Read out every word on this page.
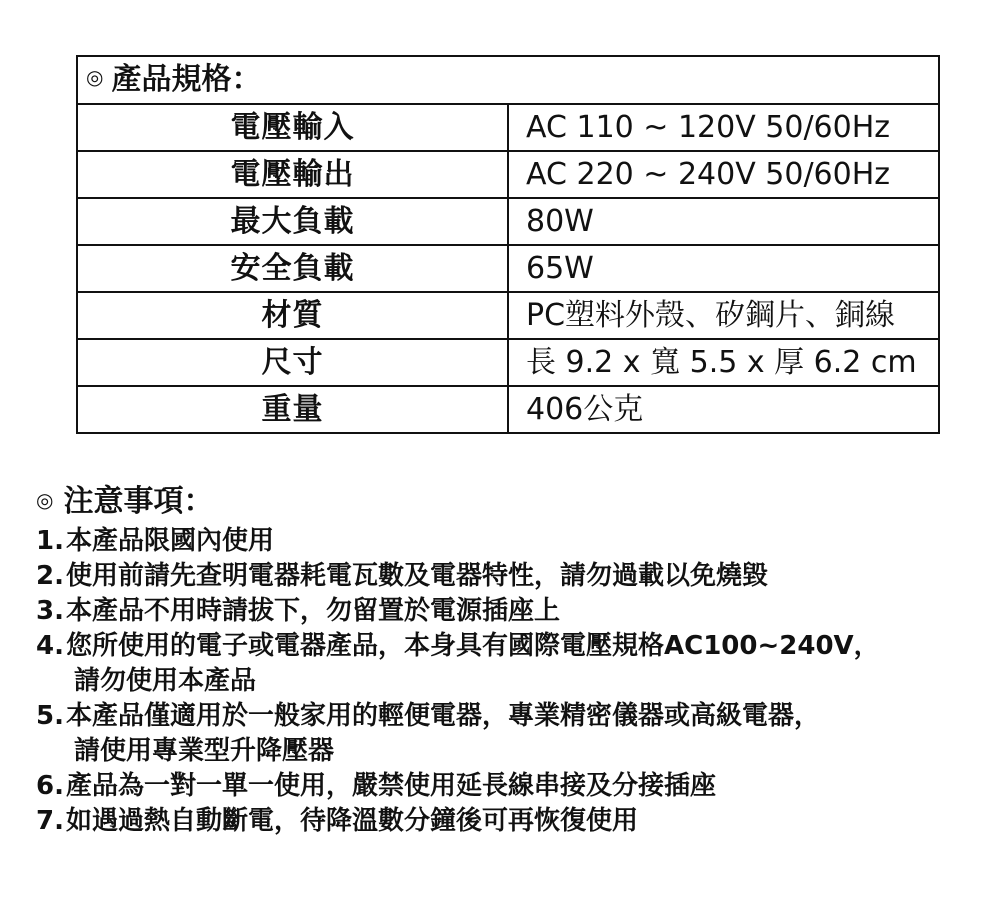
◎ 產品規格：	
電壓輸入	AC 110 ~ 120V 50/60Hz
電壓輸出	AC 220 ~ 240V 50/60Hz
最大負載	80W
安全負載	65W
材質	PC塑料外殼、矽鋼片、銅線
尺寸	長 9.2 x 寬 5.5 x 厚 6.2 cm
重量	406公克
◎ 注意事項：
1.本產品限國內使用
2.使用前請先查明電器耗電瓦數及電器特性，請勿過載以免燒毀
3.本產品不用時請拔下，勿留置於電源插座上
4.您所使用的電子或電器產品，本身具有國際電壓規格AC100~240V，
請勿使用本產品
5.本產品僅適用於一般家用的輕便電器，專業精密儀器或高級電器，
請使用專業型升降壓器
6.產品為一對一單一使用，嚴禁使用延長線串接及分接插座
7.如遇過熱自動斷電，待降溫數分鐘後可再恢復使用
